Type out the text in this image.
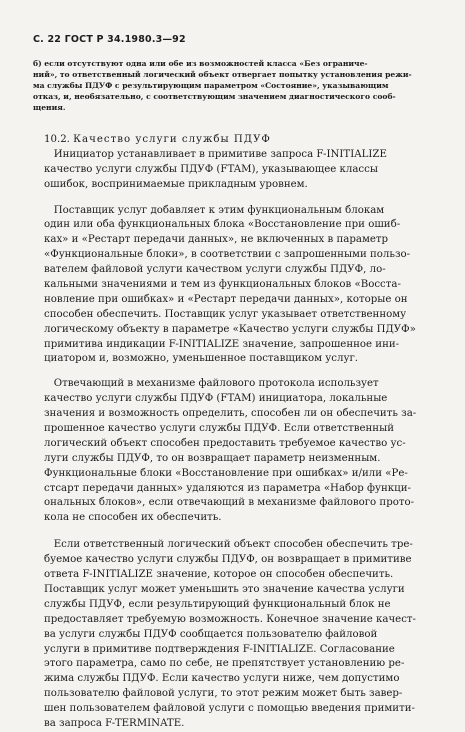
С. 22 ГОСТ Р 34.1980.3—92
б) если отсутствуют одна или обе из возможностей класса «Без ограниче-
ний», то ответственный логический объект отвергает попытку установления режи-
ма службы ПДУФ с результирующим параметром «Состояние», указывающим
отказ, и, необязательно, с соответствующим значением диагностического сооб-
щения.
10.2. Качество услуги службы ПДУФ
Инициатор устанавливает в примитиве запроса F-INITIALIZE
качество услуги службы ПДУФ (FTAM), указывающее классы
ошибок, воспринимаемые прикладным уровнем.
Поставщик услуг добавляет к этим функциональным блокам
один или оба функциональных блока «Восстановление при ошиб-
ках» и «Рестарт передачи данных», не включенных в параметр
«Функциональные блоки», в соответствии с запрошенными пользо-
вателем файловой услуги качеством услуги службы ПДУФ, ло-
кальными значениями и тем из функциональных блоков «Восста-
новление при ошибках» и «Рестарт передачи данных», которые он
способен обеспечить. Поставщик услуг указывает ответственному
логическому объекту в параметре «Качество услуги службы ПДУФ»
примитива индикации F-INITIALIZE значение, запрошенное ини-
циатором и, возможно, уменьшенное поставщиком услуг.
Отвечающий в механизме файлового протокола использует
качество услуги службы ПДУФ (FTAM) инициатора, локальные
значения и возможность определить, способен ли он обеспечить за-
прошенное качество услуги службы ПДУФ. Если ответственный
логический объект способен предоставить требуемое качество ус-
луги службы ПДУФ, то он возвращает параметр неизменным.
Функциональные блоки «Восстановление при ошибках» и/или «Ре-
стcарт передачи данных» удаляются из параметра «Набор функци-
ональных блоков», если отвечающий в механизме файлового прото-
кола не способен их обеспечить.
Если ответственный логический объект способен обеспечить тре-
буемое качество услуги службы ПДУФ, он возвращает в примитиве
ответа F-INITIALIZE значение, которое он способен обеспечить.
Поставщик услуг может уменьшить это значение качества услуги
службы ПДУФ, если результирующий функциональный блок не
предоставляет требуемую возможность. Конечное значение качест-
ва услуги службы ПДУФ сообщается пользователю файловой
услуги в примитиве подтверждения F-INITIALIZE. Согласование
этого параметра, само по себе, не препятствует установлению ре-
жима службы ПДУФ. Если качество услуги ниже, чем допустимо
пользователю файловой услуги, то этот режим может быть завер-
шен пользователем файловой услуги с помощью введения примити-
ва запроса F-TERMINATE.
